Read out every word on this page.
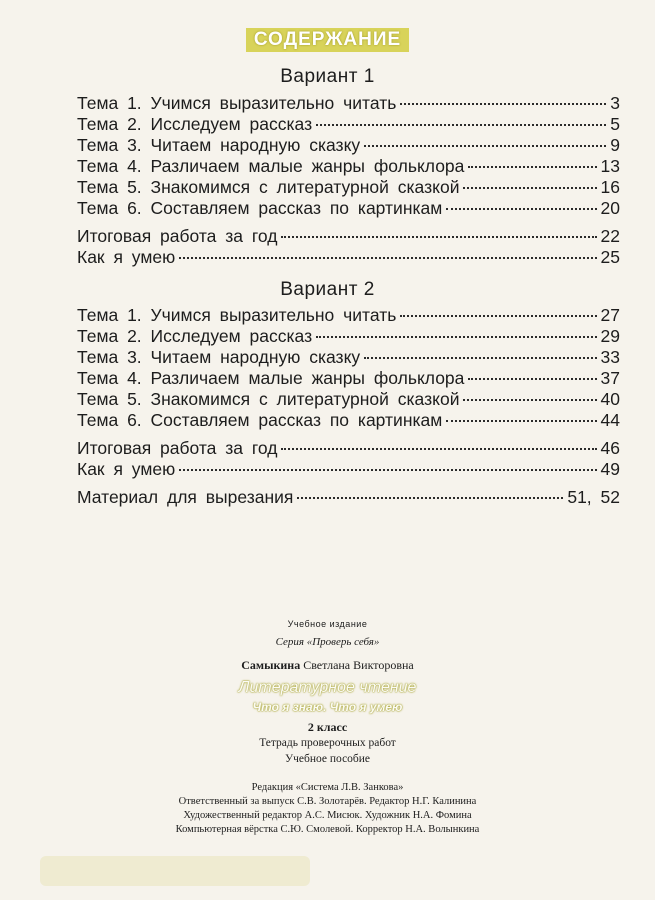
СОДЕРЖАНИЕ
Вариант 1
Тема 1. Учимся выразительно читать	3
Тема 2. Исследуем рассказ	5
Тема 3. Читаем народную сказку	9
Тема 4. Различаем малые жанры фольклора	13
Тема 5. Знакомимся с литературной сказкой	16
Тема 6. Составляем рассказ по картинкам	20
Итоговая работа за год	22
Как я умею	25
Вариант 2
Тема 1. Учимся выразительно читать	27
Тема 2. Исследуем рассказ	29
Тема 3. Читаем народную сказку	33
Тема 4. Различаем малые жанры фольклора	37
Тема 5. Знакомимся с литературной сказкой	40
Тема 6. Составляем рассказ по картинкам	44
Итоговая работа за год	46
Как я умею	49
Материал для вырезания	51, 52
Учебное издание
Серия «Проверь себя»
Самыкина Светлана Викторовна
Литературное чтение
Что я знаю. Что я умею
2 класс
Тетрадь проверочных работ
Учебное пособие
Редакция «Система Л.В. Занкова»
Ответственный за выпуск С.В. Золотарёв. Редактор Н.Г. Калинина
Художественный редактор А.С. Мисюк. Художник Н.А. Фомина
Компьютерная вёрстка С.Ю. Смолевой. Корректор Н.А. Волынкина
